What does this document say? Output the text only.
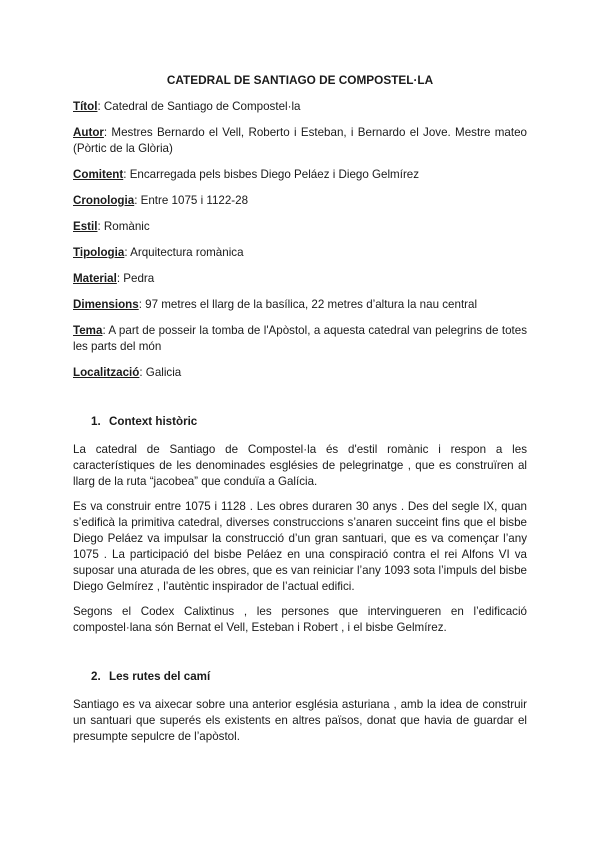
CATEDRAL DE SANTIAGO DE COMPOSTEL·LA

Títol: Catedral de Santiago de Compostel·la

Autor: Mestres Bernardo el Vell, Roberto i Esteban, i Bernardo el Jove. Mestre mateo (Pòrtic de la Glòria)

Comitent: Encarregada pels bisbes Diego Peláez i Diego Gelmírez

Cronologia: Entre 1075 i 1122-28

Estil: Romànic

Tipologia: Arquitectura romànica

Material: Pedra

Dimensions: 97 metres el llarg de la basílica, 22 metres d’altura la nau central

Tema: A part de posseir la tomba de l'Apòstol, a aquesta catedral van pelegrins de totes les parts del món

Localització: Galicia

1. Context històric

La catedral de Santiago de Compostel·la és d'estil romànic i respon a les característiques de les denominades esglésies de pelegrinatge , que es construïren al llarg de la ruta “jacobea” que conduïa a Galícia.

Es va construir entre 1075 i 1128 . Les obres duraren 30 anys . Des del segle IX, quan s’edificà la primitiva catedral, diverses construccions s’anaren succeint fins que el bisbe Diego Peláez va impulsar la construcció d’un gran santuari, que es va començar l’any 1075 . La participació del bisbe Peláez en una conspiració contra el rei Alfons VI va suposar una aturada de les obres, que es van reiniciar l’any 1093 sota l’impuls del bisbe Diego Gelmírez , l’autèntic inspirador de l’actual edifici.

Segons el Codex Calixtinus , les persones que intervingueren en l’edificació compostel·lana són Bernat el Vell, Esteban i Robert , i el bisbe Gelmírez.

2. Les rutes del camí

Santiago es va aixecar sobre una anterior església asturiana , amb la idea de construir un santuari que superés els existents en altres països, donat que havia de guardar el presumpte sepulcre de l’apòstol.
